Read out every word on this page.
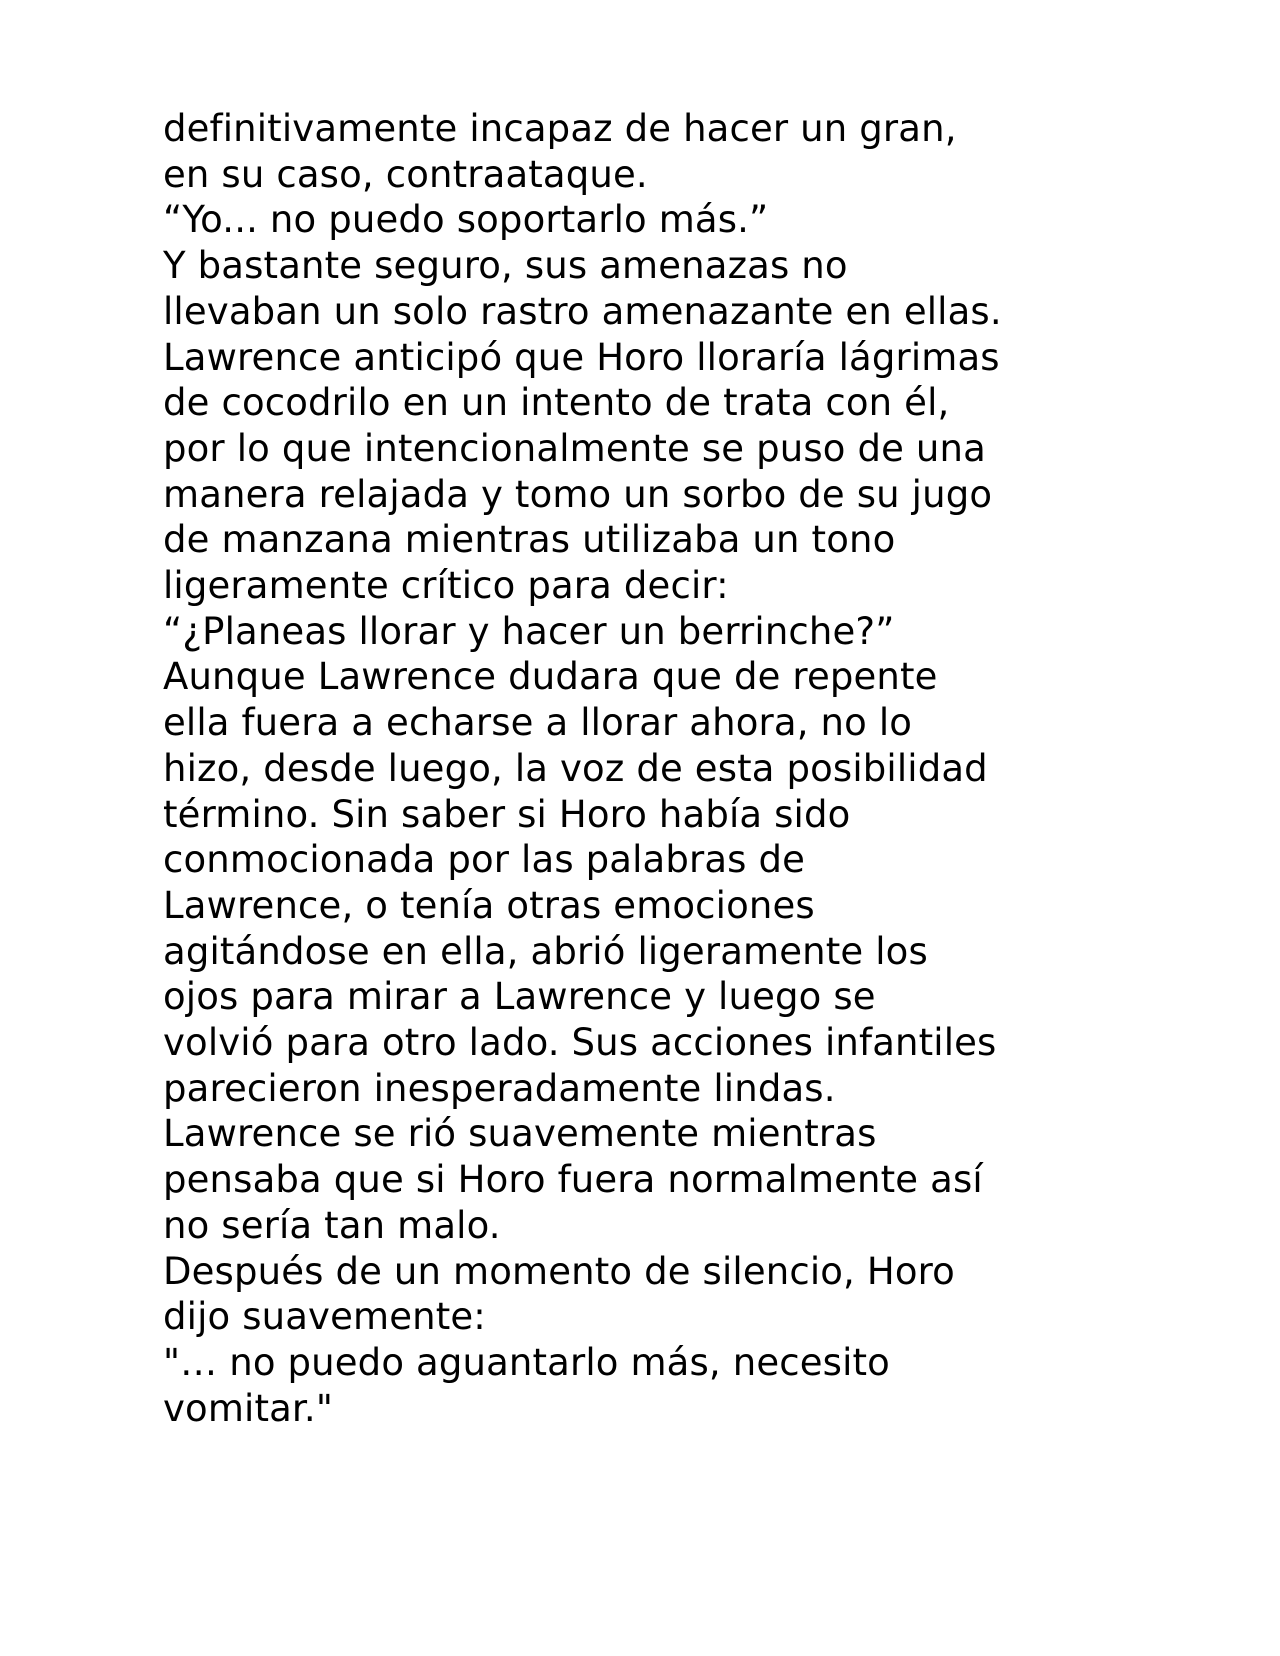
definitivamente incapaz de hacer un gran,
en su caso, contraataque.
“Yo... no puedo soportarlo más.”
Y bastante seguro, sus amenazas no
llevaban un solo rastro amenazante en ellas.
Lawrence anticipó que Horo lloraría lágrimas
de cocodrilo en un intento de trata con él,
por lo que intencionalmente se puso de una
manera relajada y tomo un sorbo de su jugo
de manzana mientras utilizaba un tono
ligeramente crítico para decir:
“¿Planeas llorar y hacer un berrinche?”
Aunque Lawrence dudara que de repente
ella fuera a echarse a llorar ahora, no lo
hizo, desde luego, la voz de esta posibilidad
término. Sin saber si Horo había sido
conmocionada por las palabras de
Lawrence, o tenía otras emociones
agitándose en ella, abrió ligeramente los
ojos para mirar a Lawrence y luego se
volvió para otro lado. Sus acciones infantiles
parecieron inesperadamente lindas.
Lawrence se rió suavemente mientras
pensaba que si Horo fuera normalmente así
no sería tan malo.
Después de un momento de silencio, Horo
dijo suavemente:
"… no puedo aguantarlo más, necesito
vomitar."
